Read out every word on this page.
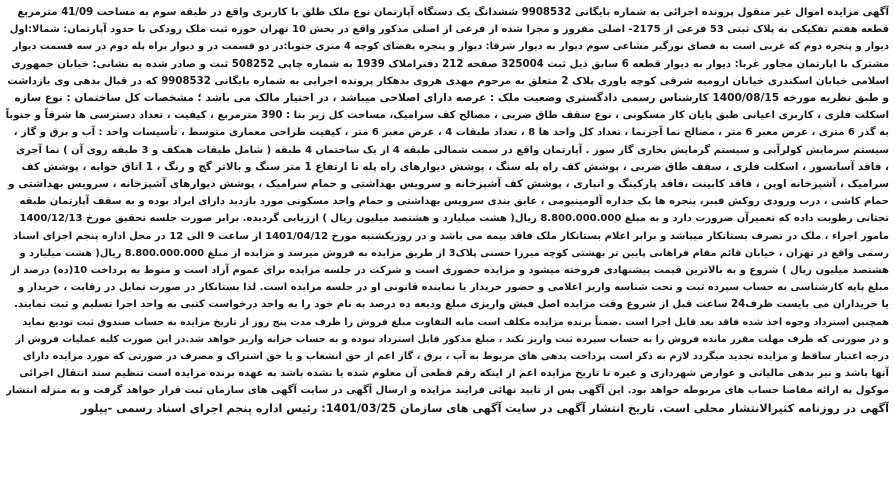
آگهی مزایده اموال غیر منقول پرونده اجرائی به شماره بایگانی 9908532 ششدانگ یک دستگاه آپارتمان نوع ملک طلق با کاربری واقع در طبقه سوم به مساحت 41/09 مترمربع
قطعه هفتم تفکیکی به پلاک ثبتی 53 فرعی از 2175- اصلی مفروز و مجزا شده از فرعی از اصلی مذکور واقع در بخش 10 تهران حوزه ثبت ملک رودکی با حدود آپارتمان: شمالا:اول
دیوار و پنجره دوم که غربی است به فضای نورگیر مشاعی سوم دیوار به دیوار شرقا: دیوار و پنجره بفضای کوچه 4 متری جنوبا:در دو قسمت در و دیوار براه پله دوم در سه قسمت دیوار
مشترک با اپارتمان مجاور غربا: دیوار به دیوار قطعه 6 سابق ذیل ثبت 325004 صفحه 212 دفتراملاک 1939 به شماره چاپی 508252 ثبت و صادر شده به نشانی: خیابان جمهوری
اسلامی خیابان اسکندری خیابان ارومیه شرقی کوچه یاوری پلاک 2 متعلق به مرحوم مهدی هروی بدهکار پرونده اجرایی به شماره بایگانی 9908532 که در قبال بدهی وی بازداشت
و طبق نظریه مورخه 1400/08/15 کارشناس رسمی دادگستری وضعیت ملک : عرصه دارای اصلاحی میباشد ، در اختیار مالک می باشد ؛ مشخصات کل ساختمان : نوع سازه
اسکلت فلزی ، کاربری اعیانی طبق پایان کار مسکونی ، نوع سقف طاق ضربی ، مصالح کف سرامیک، مساحت کل زیر بنا : 390 مترمربع ، کیفیت ، تعداد دسترسی ها شرقاً و جنوباً
به گذر 6 متری ، عرض معبر 6 متر ، مصالح نما آجرنما ، تعداد کل واحد ها 8 ، تعداد طبقات 4 ، عرض معبر 6 متر ، کیفیت طراحی معماری متوسط ، تأسیسات واحد : آب و برق و گاز ،
سیستم سرمایش کولرآبی و سیستم گرمایش بخاری گاز سوز . آپارتمان واقع در سمت شمالی طبقه 4 از یک ساختمان 4 طبقه ( شامل طبقات همکف و 3 طبقه روی آن ) نما آجری
، فاقد آسانسور ، اسکلت فلزی ، سقف طاق ضربی ، پوشش کف راه پله سنگ ، پوشش دیوارهای راه پله تا ارتفاع 1 متر سنگ و بالاتر گچ و رنگ ، 1 اتاق خوابه ، پوشش کف
سرامیک ، آشپزخانه اوپن ، فاقد کابینت ،فاقد پارکینگ و انباری ، پوشش کف آشپزخانه و سرویس بهداشتی و حمام سرامیک ، پوشش دیوارهای آشپزخانه ، سرویس بهداشتی و
حمام کاشی ، درب ورودی روکش فیبر، پنجره ها یک جداره آلومینیومی ، عایق بندی سرویس بهداشتی و حمام واحد مسکونی مورد بازدید دارای ایراد بوده و به سقف آپارتمان طبقه
تحتانی رطوبت داده که تعمیرآن ضرورت دارد و به مبلغ 8.800.000.000 ریال( هشت میلیارد و هشتصد میلیون ریال ) ارزیابی گردیده. برابر صورت جلسه تحقیق مورخ 1400/12/13
مامور اجراء ، ملک در تصرف بستانکار میباشد و برابر اعلام بستانکار ملک فاقد بیمه می باشد و در روزیکشنبه مورخ 1401/04/12 از ساعت 9 الی 12 در محل اداره پنجم اجرای اسناد
رسمی واقع در تهران ، خیابان قائم مقام فراهانی پایین تر بهشتی کوچه میرزا حسنی پلاک3 از طریق مزایده به فروش میرسد و مزایده از مبلغ 8.800.000.000 ریال( هشت میلیارد و
هشتصد میلیون ریال ) شروع و به بالاترین قیمت پیشنهادی فروخته میشود و مزایده حضوری است و شرکت در جلسه مزایده برای عموم آزاد است و منوط به پرداخت 10(ده) درصد از
مبلغ پایه کارشناسی به حساب سپرده ثبت و تحت شناسه واریز اعلامی و حضور خریدار یا نماینده قانونی او در جلسه مزایده است. لذا بستانکار در صورت تمایل در رقابت ، خریدار و
یا خریداران می بایست ظرف24 ساعت قبل از شروع وقت مزایده اصل فیش واریزی مبلغ ودیعه ده درصد به نام خود را به واحد درخواست کتبی به واحد اجرا تسلیم و ثبت نمایند.
همچنین استرداد وجوه اخذ شده فاقد بعد قابل اجرا است .ضمناً برنده مزایده مکلف است مابه التفاوت مبلغ فروش را ظرف مدت پنج روز از تاریخ مزایده به حساب صندوق ثبت تودیع نماید
و در صورتی که ظرف مهلت مقرر مانده فروش را به حساب سپرده ثبت واریز نکند ، مبلغ مذکور قابل استرداد نبوده و به حساب خزانه واریز خواهد شد.در این صورت کلیه عملیات فروش از
درجه اعتبار ساقط و مزایده تجدید میگردد لازم به ذکر است پرداخت بدهی های مربوط به آب ، برق ، گاز اعم از حق انشعاب و یا حق اشتراک و مصرف در صورتی که مورد مزایده دارای
آنها باشد و نیز بدهی مالیاتی و عوارض شهرداری و غیره تا تاریخ مزایده اعم از اینکه رقم قطعی آن معلوم شده یا نشده باشد به عهده برنده مزایده است تنظیم سند انتقال اجرائی
موکول به ارائه مفاصا حساب های مربوطه خواهد بود. این آگهی پس از تایید نهائی فرایند مزایده و ارسال آگهی در سایت آگهی های سازمان ثبت قرار خواهد گرفت و به منزله انتشار
آگهی در روزنامه کثیرالانتشار محلی است. تاریخ انتشار آگهی در سایت آگهی های سازمان 1401/03/25: رئیس اداره پنجم اجرای اسناد رسمی -پیلور
